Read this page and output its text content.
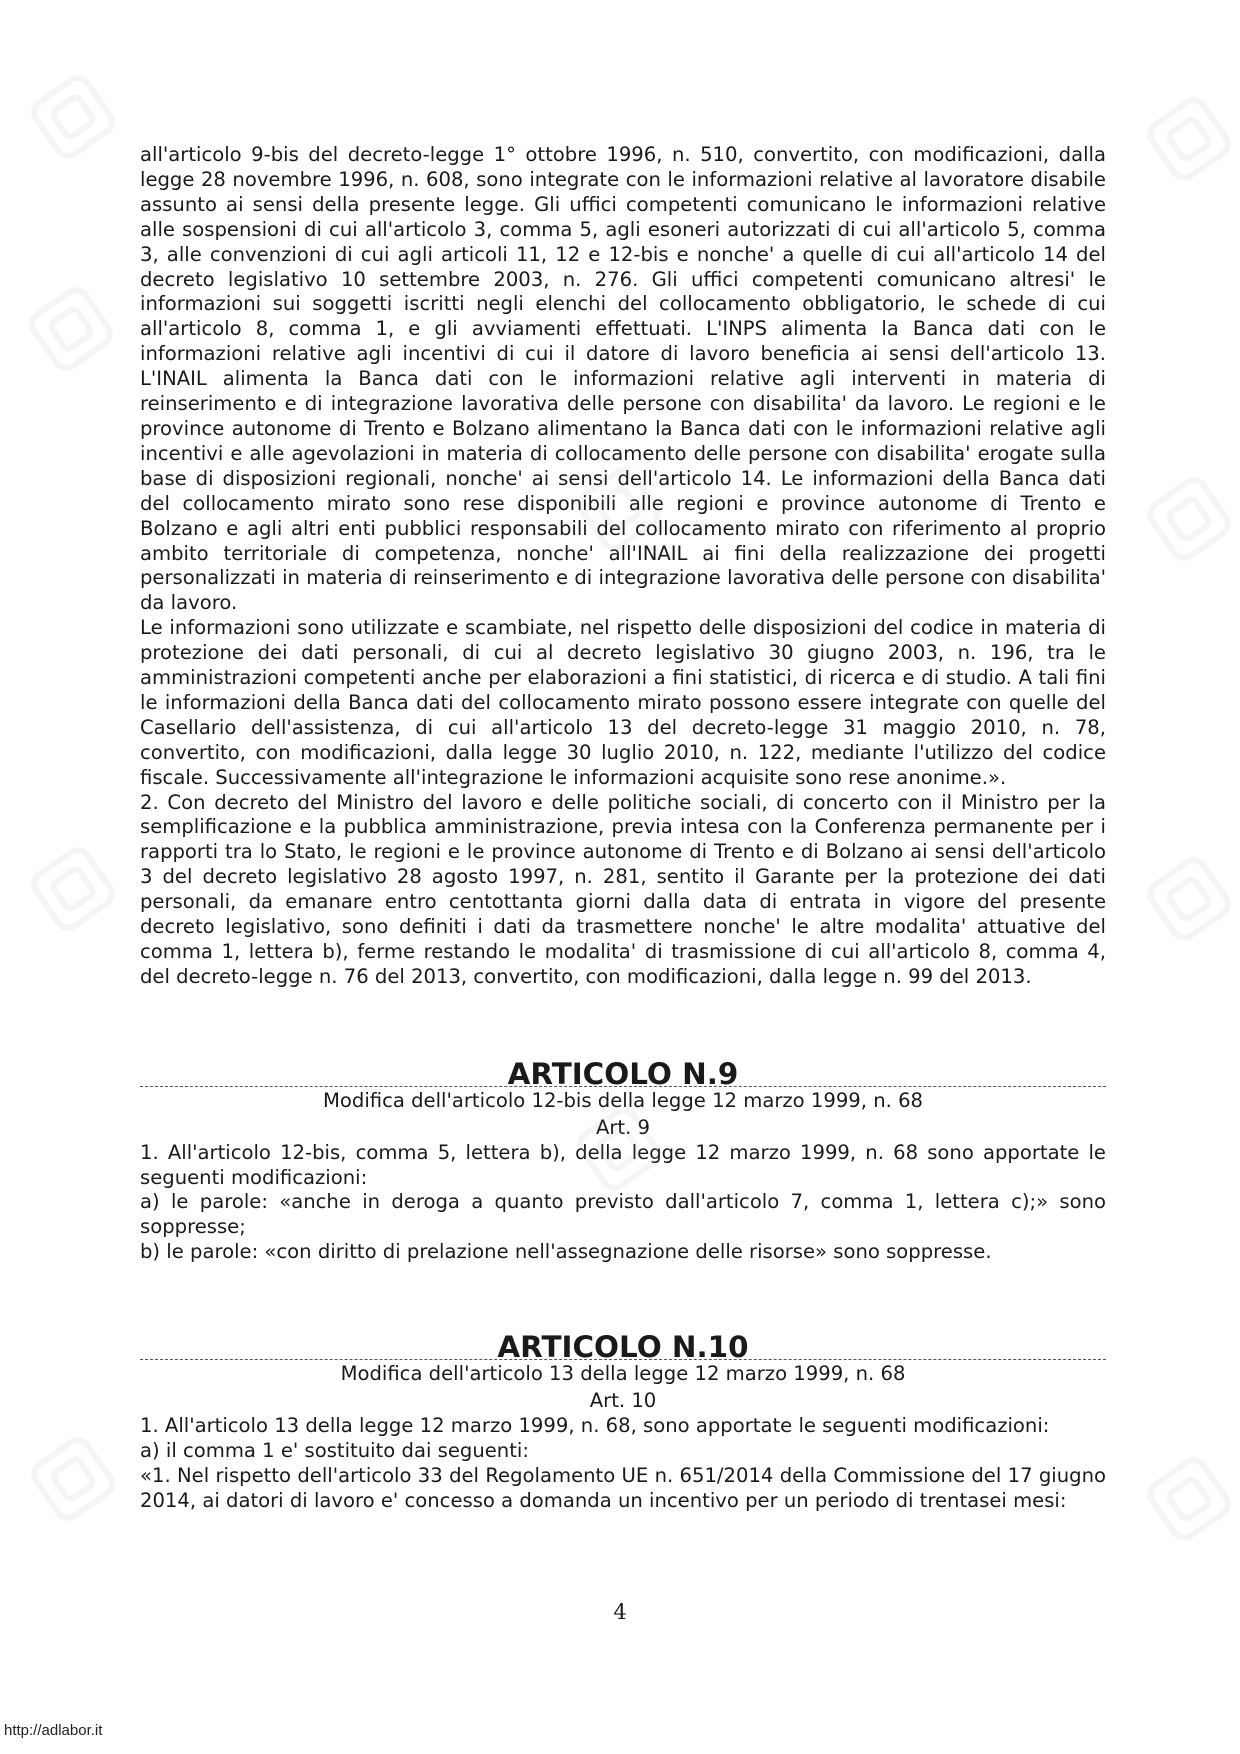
all'articolo 9-bis del decreto-legge 1° ottobre 1996, n. 510, convertito, con modificazioni, dalla legge 28 novembre 1996, n. 608, sono integrate con le informazioni relative al lavoratore disabile assunto ai sensi della presente legge. Gli uffici competenti comunicano le informazioni relative alle sospensioni di cui all'articolo 3, comma 5, agli esoneri autorizzati di cui all'articolo 5, comma 3, alle convenzioni di cui agli articoli 11, 12 e 12-bis e nonche' a quelle di cui all'articolo 14 del decreto legislativo 10 settembre 2003, n. 276. Gli uffici competenti comunicano altresi' le informazioni sui soggetti iscritti negli elenchi del collocamento obbligatorio, le schede di cui all'articolo 8, comma 1, e gli avviamenti effettuati. L'INPS alimenta la Banca dati con le informazioni relative agli incentivi di cui il datore di lavoro beneficia ai sensi dell'articolo 13. L'INAIL alimenta la Banca dati con le informazioni relative agli interventi in materia di reinserimento e di integrazione lavorativa delle persone con disabilita' da lavoro. Le regioni e le province autonome di Trento e Bolzano alimentano la Banca dati con le informazioni relative agli incentivi e alle agevolazioni in materia di collocamento delle persone con disabilita' erogate sulla base di disposizioni regionali, nonche' ai sensi dell'articolo 14. Le informazioni della Banca dati del collocamento mirato sono rese disponibili alle regioni e province autonome di Trento e Bolzano e agli altri enti pubblici responsabili del collocamento mirato con riferimento al proprio ambito territoriale di competenza, nonche' all'INAIL ai fini della realizzazione dei progetti personalizzati in materia di reinserimento e di integrazione lavorativa delle persone con disabilita' da lavoro.

Le informazioni sono utilizzate e scambiate, nel rispetto delle disposizioni del codice in materia di protezione dei dati personali, di cui al decreto legislativo 30 giugno 2003, n. 196, tra le amministrazioni competenti anche per elaborazioni a fini statistici, di ricerca e di studio. A tali fini le informazioni della Banca dati del collocamento mirato possono essere integrate con quelle del Casellario dell'assistenza, di cui all'articolo 13 del decreto-legge 31 maggio 2010, n. 78, convertito, con modificazioni, dalla legge 30 luglio 2010, n. 122, mediante l'utilizzo del codice fiscale. Successivamente all'integrazione le informazioni acquisite sono rese anonime.».

2. Con decreto del Ministro del lavoro e delle politiche sociali, di concerto con il Ministro per la semplificazione e la pubblica amministrazione, previa intesa con la Conferenza permanente per i rapporti tra lo Stato, le regioni e le province autonome di Trento e di Bolzano ai sensi dell'articolo 3 del decreto legislativo 28 agosto 1997, n. 281, sentito il Garante per la protezione dei dati personali, da emanare entro centottanta giorni dalla data di entrata in vigore del presente decreto legislativo, sono definiti i dati da trasmettere nonche' le altre modalita' attuative del comma 1, lettera b), ferme restando le modalita' di trasmissione di cui all'articolo 8, comma 4, del decreto-legge n. 76 del 2013, convertito, con modificazioni, dalla legge n. 99 del 2013.

ARTICOLO N.9

Modifica dell'articolo 12-bis della legge 12 marzo 1999, n. 68

Art. 9

1. All'articolo 12-bis, comma 5, lettera b), della legge 12 marzo 1999, n. 68 sono apportate le seguenti modificazioni:

a) le parole: «anche in deroga a quanto previsto dall'articolo 7, comma 1, lettera c);» sono soppresse;

b) le parole: «con diritto di prelazione nell'assegnazione delle risorse» sono soppresse.

ARTICOLO N.10

Modifica dell'articolo 13 della legge 12 marzo 1999, n. 68

Art. 10

1. All'articolo 13 della legge 12 marzo 1999, n. 68, sono apportate le seguenti modificazioni:

a) il comma 1 e' sostituito dai seguenti:

«1. Nel rispetto dell'articolo 33 del Regolamento UE n. 651/2014 della Commissione del 17 giugno 2014, ai datori di lavoro e' concesso a domanda un incentivo per un periodo di trentasei mesi:

4
http://adlabor.it
